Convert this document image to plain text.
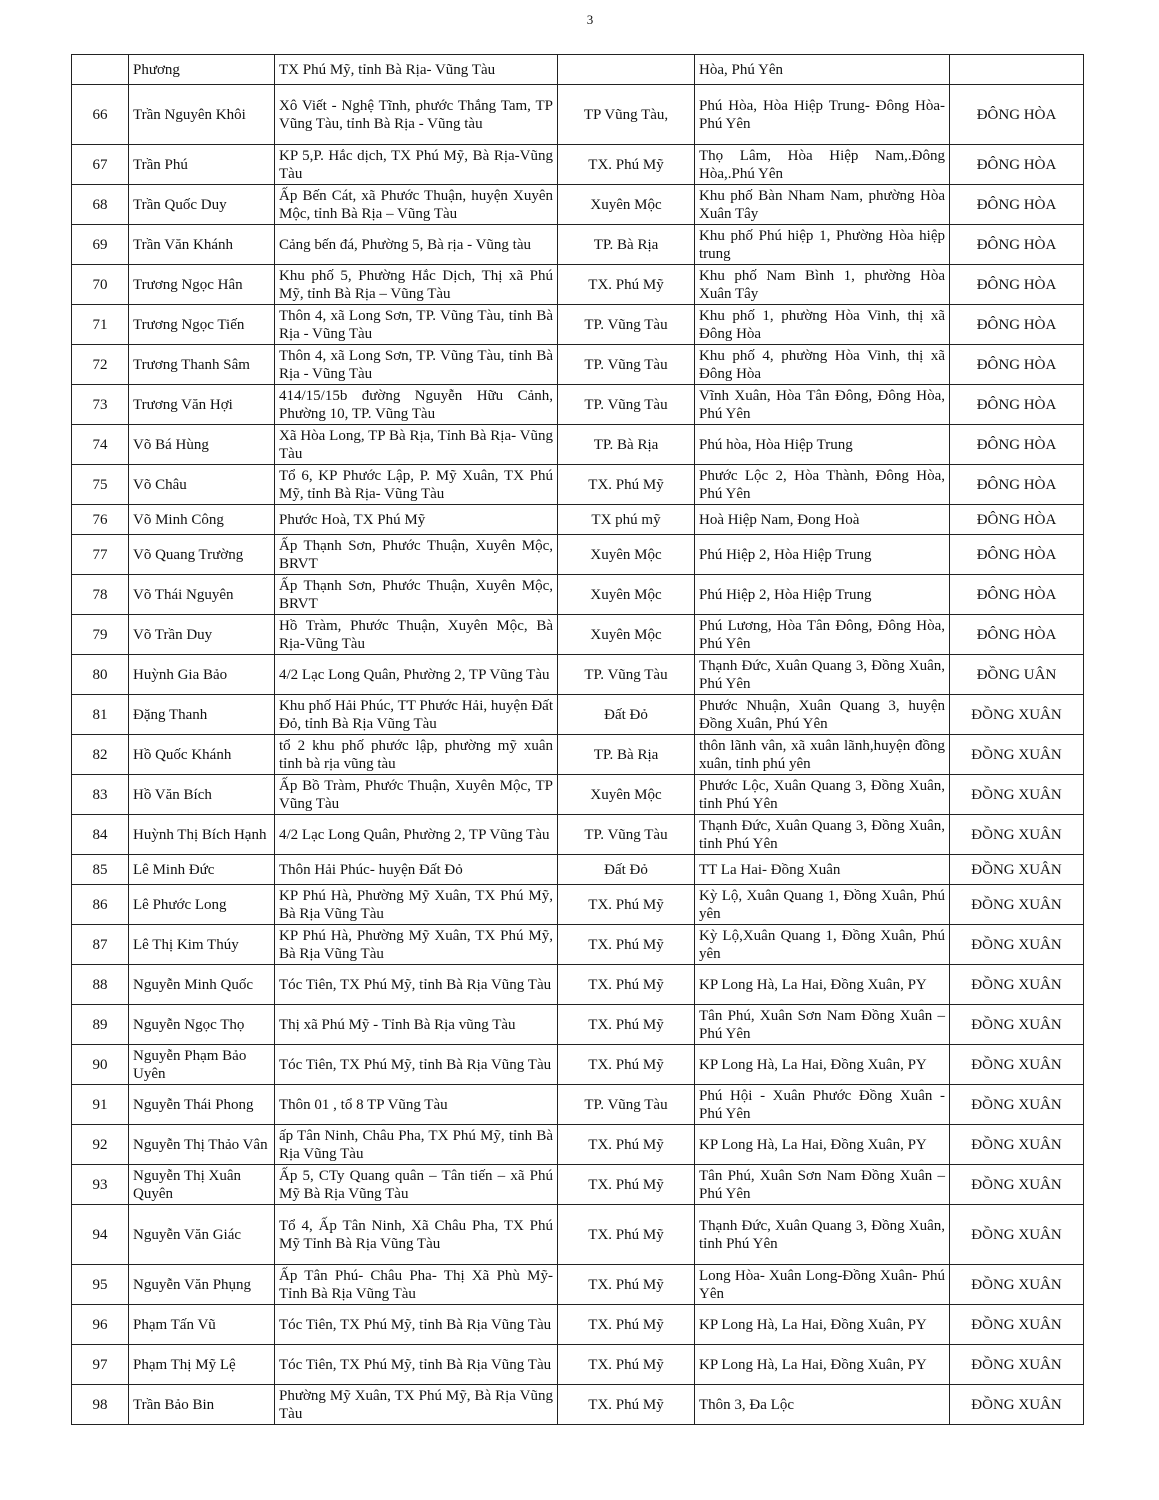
3
	Phương	TX Phú Mỹ, tỉnh Bà Rịa- Vũng Tàu		Hòa, Phú Yên	
66	Trần Nguyên Khôi	Xô Viết - Nghệ Tĩnh, phước Thắng Tam, TP Vũng Tàu, tỉnh Bà Rịa - Vũng tàu	TP Vũng Tàu,	Phú Hòa, Hòa Hiệp Trung- Đông Hòa- Phú Yên	ĐÔNG HÒA
67	Trần Phú	KP 5,P. Hắc dịch, TX Phú Mỹ, Bà Rịa-Vũng Tàu	TX. Phú Mỹ	Thọ Lâm, Hòa Hiệp Nam,.Đông Hòa,.Phú Yên	ĐÔNG HÒA
68	Trần Quốc Duy	Ấp Bến Cát, xã Phước Thuận, huyện Xuyên Mộc, tỉnh Bà Rịa – Vũng Tàu	Xuyên Mộc	Khu phố Bàn Nham Nam, phường Hòa Xuân Tây	ĐÔNG HÒA
69	Trần Văn Khánh	Cảng bến đá, Phường 5, Bà rịa - Vũng tàu	TP. Bà Rịa	Khu phố Phú hiệp 1, Phường Hòa hiệp trung	ĐÔNG HÒA
70	Trương Ngọc Hân	Khu phố 5, Phường Hắc Dịch, Thị xã Phú Mỹ, tỉnh Bà Rịa – Vũng Tàu	TX. Phú Mỹ	Khu phố Nam Bình 1, phường Hòa Xuân Tây	ĐÔNG HÒA
71	Trương Ngọc Tiến	Thôn 4, xã Long Sơn, TP. Vũng Tàu, tỉnh Bà Rịa - Vũng Tàu	TP. Vũng Tàu	Khu phố 1, phường Hòa Vinh, thị xã Đông Hòa	ĐÔNG HÒA
72	Trương Thanh Sâm	Thôn 4, xã Long Sơn, TP. Vũng Tàu, tỉnh Bà Rịa - Vũng Tàu	TP. Vũng Tàu	Khu phố 4, phường Hòa Vinh, thị xã Đông Hòa	ĐÔNG HÒA
73	Trương Văn Hợi	414/15/15b đường Nguyễn Hữu Cảnh, Phường 10, TP. Vũng Tàu	TP. Vũng Tàu	Vĩnh Xuân, Hòa Tân Đông, Đông Hòa, Phú Yên	ĐÔNG HÒA
74	Võ Bá Hùng	Xã Hòa Long, TP Bà Rịa, Tỉnh Bà Rịa- Vũng Tàu	TP. Bà Rịa	Phú hòa, Hòa Hiệp Trung	ĐÔNG HÒA
75	Võ Châu	Tổ 6, KP Phước Lập, P. Mỹ Xuân, TX Phú Mỹ, tỉnh Bà Rịa- Vũng Tàu	TX. Phú Mỹ	Phước Lộc 2, Hòa Thành, Đông Hòa, Phú Yên	ĐÔNG HÒA
76	Võ Minh Công	Phước Hoà, TX Phú Mỹ	TX phú mỹ	Hoà Hiệp Nam, Đong Hoà	ĐÔNG HÒA
77	Võ Quang Trường	Ấp Thạnh Sơn, Phước Thuận, Xuyên Mộc, BRVT	Xuyên Mộc	Phú Hiệp 2, Hòa Hiệp Trung	ĐÔNG HÒA
78	Võ Thái Nguyên	Ấp Thạnh Sơn, Phước Thuận, Xuyên Mộc, BRVT	Xuyên Mộc	Phú Hiệp 2, Hòa Hiệp Trung	ĐÔNG HÒA
79	Võ Trần Duy	Hồ Tràm, Phước Thuận, Xuyên Mộc, Bà Rịa-Vũng Tàu	Xuyên Mộc	Phú Lương, Hòa Tân Đông, Đông Hòa, Phú Yên	ĐÔNG HÒA
80	Huỳnh Gia Bảo	4/2 Lạc Long Quân, Phường 2, TP Vũng Tàu	TP. Vũng Tàu	Thạnh Đức, Xuân Quang 3, Đồng Xuân, Phú Yên	ĐỒNG UÂN
81	Đặng Thanh	Khu phố Hải Phúc, TT Phước Hải, huyện Đất Đỏ, tỉnh Bà Rịa Vũng Tàu	Đất Đỏ	Phước Nhuận, Xuân Quang 3, huyện Đồng Xuân, Phú Yên	ĐỒNG XUÂN
82	Hồ Quốc Khánh	tổ 2 khu phố phước lập, phường mỹ xuân tỉnh bà rịa vũng tàu	TP. Bà Rịa	thôn lãnh vân, xã xuân lãnh,huyện đồng xuân, tỉnh phú yên	ĐỒNG XUÂN
83	Hồ Văn Bích	Ấp Bồ Tràm, Phước Thuận, Xuyên Mộc, TP Vũng Tàu	Xuyên Mộc	Phước Lộc, Xuân Quang 3, Đồng Xuân, tỉnh Phú Yên	ĐỒNG XUÂN
84	Huỳnh Thị Bích Hạnh	4/2 Lạc Long Quân, Phường 2, TP Vũng Tàu	TP. Vũng Tàu	Thạnh Đức, Xuân Quang 3, Đồng Xuân, tỉnh Phú Yên	ĐỒNG XUÂN
85	Lê Minh Đức	Thôn Hải Phúc- huyện Đất Đỏ	Đất Đỏ	TT La Hai- Đồng Xuân	ĐỒNG XUÂN
86	Lê Phước Long	KP Phú Hà, Phường Mỹ Xuân, TX Phú Mỹ, Bà Rịa Vũng Tàu	TX. Phú Mỹ	Kỳ Lộ, Xuân Quang 1, Đồng Xuân, Phú yên	ĐỒNG XUÂN
87	Lê Thị Kim Thúy	KP Phú Hà, Phường Mỹ Xuân, TX Phú Mỹ, Bà Rịa Vũng Tàu	TX. Phú Mỹ	Kỳ Lộ,Xuân Quang 1, Đồng Xuân, Phú yên	ĐỒNG XUÂN
88	Nguyễn Minh Quốc	Tóc Tiên, TX Phú Mỹ, tỉnh Bà Rịa Vũng Tàu	TX. Phú Mỹ	KP Long Hà, La Hai, Đồng Xuân, PY	ĐỒNG XUÂN
89	Nguyễn Ngọc Thọ	Thị xã Phú Mỹ - Tỉnh Bà Rịa vũng Tàu	TX. Phú Mỹ	Tân Phú, Xuân Sơn Nam Đồng Xuân – Phú Yên	ĐỒNG XUÂN
90	Nguyễn Phạm Bảo Uyên	Tóc Tiên, TX Phú Mỹ, tỉnh Bà Rịa Vũng Tàu	TX. Phú Mỹ	KP Long Hà, La Hai, Đồng Xuân, PY	ĐỒNG XUÂN
91	Nguyễn Thái Phong	Thôn 01 , tổ 8 TP Vũng Tàu	TP. Vũng Tàu	Phú Hội - Xuân Phước Đồng Xuân - Phú Yên	ĐỒNG XUÂN
92	Nguyễn Thị Thảo Vân	ấp Tân Ninh, Châu Pha, TX Phú Mỹ, tỉnh Bà Rịa Vũng Tàu	TX. Phú Mỹ	KP Long Hà, La Hai, Đồng Xuân, PY	ĐỒNG XUÂN
93	Nguyễn Thị Xuân Quyên	Ấp 5, CTy Quang quân – Tân tiến – xã Phú Mỹ Bà Rịa Vũng Tàu	TX. Phú Mỹ	Tân Phú, Xuân Sơn Nam Đồng Xuân – Phú Yên	ĐỒNG XUÂN
94	Nguyễn Văn Giác	Tổ 4, Ấp Tân Ninh, Xã Châu Pha, TX Phú Mỹ Tỉnh Bà Rịa Vũng Tàu	TX. Phú Mỹ	Thạnh Đức, Xuân Quang 3, Đồng Xuân, tỉnh Phú Yên	ĐỒNG XUÂN
95	Nguyễn Văn Phụng	Ấp Tân Phú- Châu Pha- Thị Xã Phù Mỹ- Tỉnh Bà Rịa Vũng Tàu	TX. Phú Mỹ	Long Hòa- Xuân Long-Đồng Xuân- Phú Yên	ĐỒNG XUÂN
96	Phạm Tấn Vũ	Tóc Tiên, TX Phú Mỹ, tỉnh Bà Rịa Vũng Tàu	TX. Phú Mỹ	KP Long Hà, La Hai, Đồng Xuân, PY	ĐỒNG XUÂN
97	Phạm Thị Mỹ Lệ	Tóc Tiên, TX Phú Mỹ, tỉnh Bà Rịa Vũng Tàu	TX. Phú Mỹ	KP Long Hà, La Hai, Đồng Xuân, PY	ĐỒNG XUÂN
98	Trần Bảo Bin	Phường Mỹ Xuân, TX Phú Mỹ, Bà Rịa Vũng Tàu	TX. Phú Mỹ	Thôn 3, Đa Lộc	ĐỒNG XUÂN
